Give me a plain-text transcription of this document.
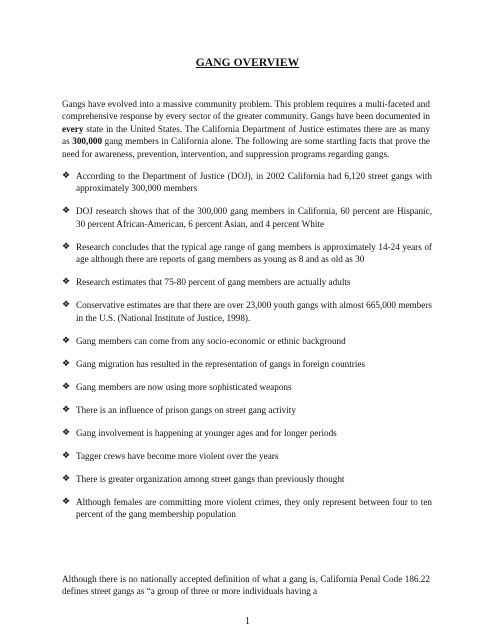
GANG OVERVIEW

Gangs have evolved into a massive community problem. This problem requires a multi-faceted and comprehensive response by every sector of the greater community. Gangs have been documented in every state in the United States. The California Department of Justice estimates there are as many as 300,000 gang members in California alone. The following are some startling facts that prove the need for awareness, prevention, intervention, and suppression programs regarding gangs.

❖ According to the Department of Justice (DOJ), in 2002 California had 6,120 street gangs with approximately 300,000 members
❖ DOJ research shows that of the 300,000 gang members in California, 60 percent are Hispanic, 30 percent African-American, 6 percent Asian, and 4 percent White
❖ Research concludes that the typical age range of gang members is approximately 14-24 years of age although there are reports of gang members as young as 8 and as old as 30
❖ Research estimates that 75-80 percent of gang members are actually adults
❖ Conservative estimates are that there are over 23,000 youth gangs with almost 665,000 members in the U.S. (National Institute of Justice, 1998).
❖ Gang members can come from any socio-economic or ethnic background
❖ Gang migration has resulted in the representation of gangs in foreign countries
❖ Gang members are now using more sophisticated weapons
❖ There is an influence of prison gangs on street gang activity
❖ Gang involvement is happening at younger ages and for longer periods
❖ Tagger crews have become more violent over the years
❖ There is greater organization among street gangs than previously thought
❖ Although females are committing more violent crimes, they only represent between four to ten percent of the gang membership population

Although there is no nationally accepted definition of what a gang is, California Penal Code 186.22 defines street gangs as “a group of three or more individuals having a

1
